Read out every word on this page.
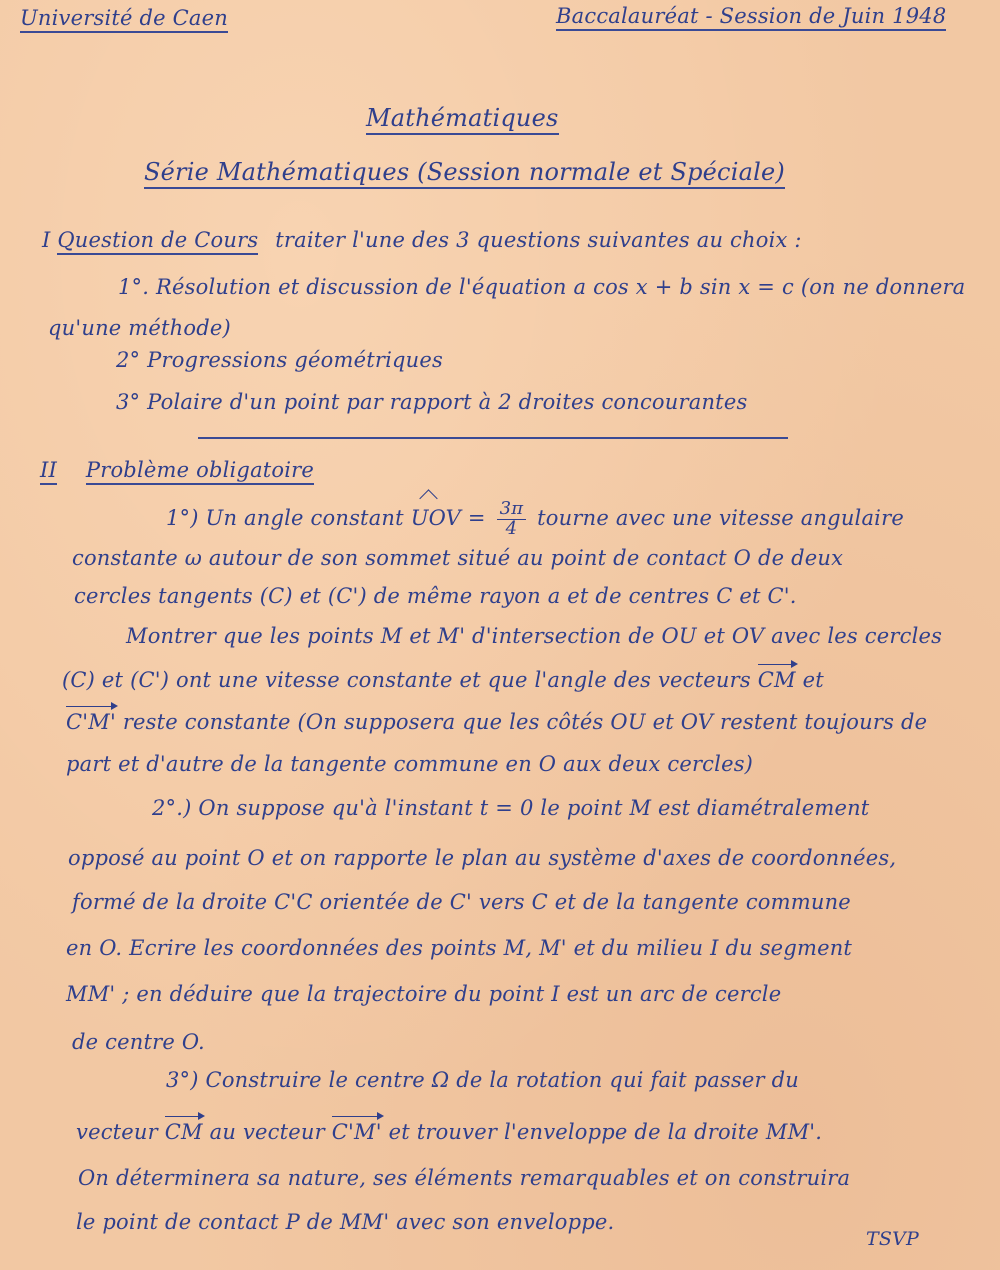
Université de Caen	Baccalauréat - Session de Juin 1948
Mathématiques
Série Mathématiques (Session normale et Spéciale)
I Question de Cours traiter l'une des 3 questions suivantes au choix :
1°. Résolution et discussion de l'équation a cos x + b sin x = c (on ne donnera
qu'une méthode)
2° Progressions géométriques
3° Polaire d'un point par rapport à 2 droites concourantes
II Problème obligatoire
1°) Un angle constant UOV = $\frac{3\pi}{4}$ tourne avec une vitesse angulaire
constante ω autour de son sommet situé au point de contact O de deux
cercles tangents (C) et (C') de même rayon a et de centres C et C'.
Montrer que les points M et M' d'intersection de OU et OV avec les cercles
(C) et (C') ont une vitesse constante et que l'angle des vecteurs CM et
C'M' reste constante (On supposera que les côtés OU et OV restent toujours de
part et d'autre de la tangente commune en O aux deux cercles)
2°.) On suppose qu'à l'instant t = 0 le point M est diamétralement
opposé au point O et on rapporte le plan au système d'axes de coordonnées,
formé de la droite C'C orientée de C' vers C et de la tangente commune
en O. Ecrire les coordonnées des points M, M' et du milieu I du segment
MM' ; en déduire que la trajectoire du point I est un arc de cercle
de centre O.
3°) Construire le centre Ω de la rotation qui fait passer du
vecteur CM au vecteur C'M' et trouver l'enveloppe de la droite MM'.
On déterminera sa nature, ses éléments remarquables et on construira
le point de contact P de MM' avec son enveloppe.
TSVP
